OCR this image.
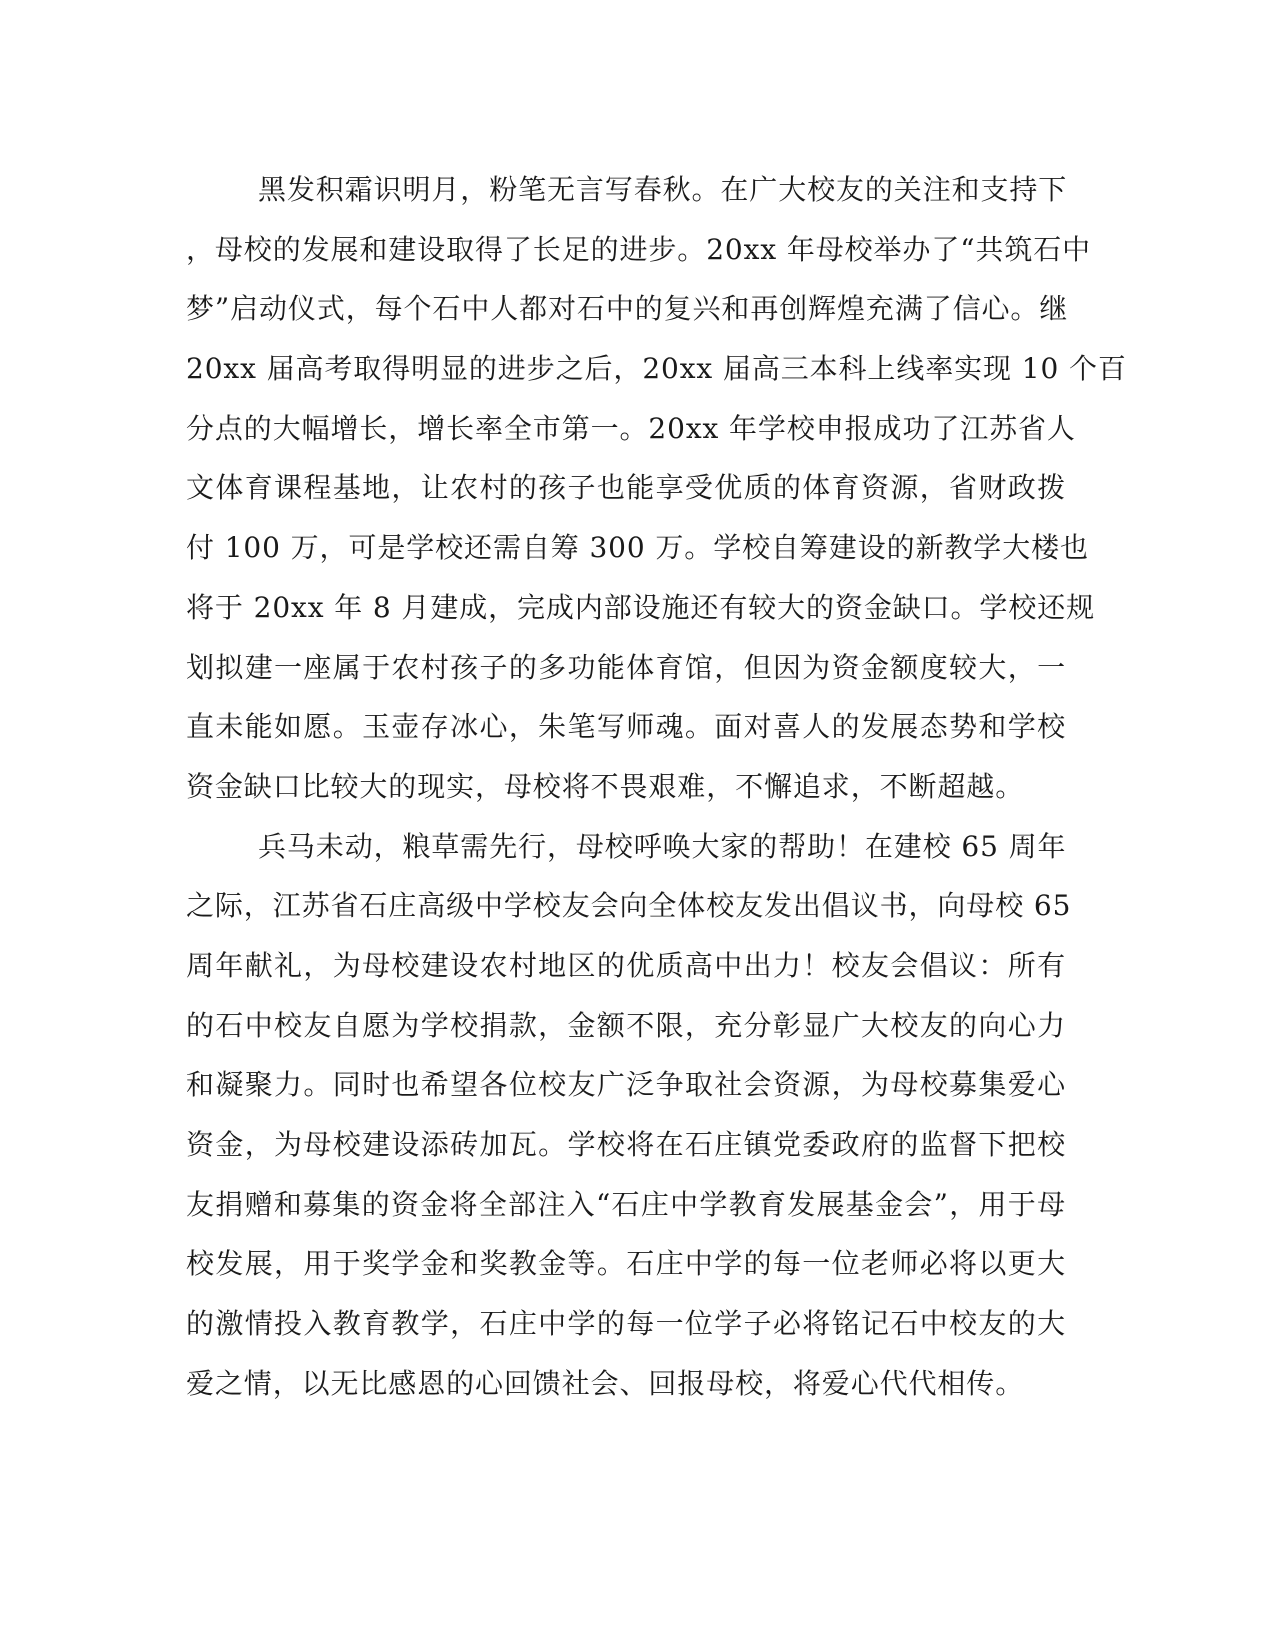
黑发积霜识明月，粉笔无言写春秋。在广大校友的关注和支持下
，母校的发展和建设取得了长足的进步。20xx 年母校举办了“共筑石中
梦”启动仪式，每个石中人都对石中的复兴和再创辉煌充满了信心。继
20xx 届高考取得明显的进步之后，20xx 届高三本科上线率实现 10 个百
分点的大幅增长，增长率全市第一。20xx 年学校申报成功了江苏省人
文体育课程基地，让农村的孩子也能享受优质的体育资源，省财政拨
付 100 万，可是学校还需自筹 300 万。学校自筹建设的新教学大楼也
将于 20xx 年 8 月建成，完成内部设施还有较大的资金缺口。学校还规
划拟建一座属于农村孩子的多功能体育馆，但因为资金额度较大，一
直未能如愿。玉壶存冰心，朱笔写师魂。面对喜人的发展态势和学校
资金缺口比较大的现实，母校将不畏艰难，不懈追求，不断超越。
兵马未动，粮草需先行，母校呼唤大家的帮助！在建校 65 周年
之际，江苏省石庄高级中学校友会向全体校友发出倡议书，向母校 65
周年献礼，为母校建设农村地区的优质高中出力！校友会倡议：所有
的石中校友自愿为学校捐款，金额不限，充分彰显广大校友的向心力
和凝聚力。同时也希望各位校友广泛争取社会资源，为母校募集爱心
资金，为母校建设添砖加瓦。学校将在石庄镇党委政府的监督下把校
友捐赠和募集的资金将全部注入“石庄中学教育发展基金会”，用于母
校发展，用于奖学金和奖教金等。石庄中学的每一位老师必将以更大
的激情投入教育教学，石庄中学的每一位学子必将铭记石中校友的大
爱之情，以无比感恩的心回馈社会、回报母校，将爱心代代相传。
